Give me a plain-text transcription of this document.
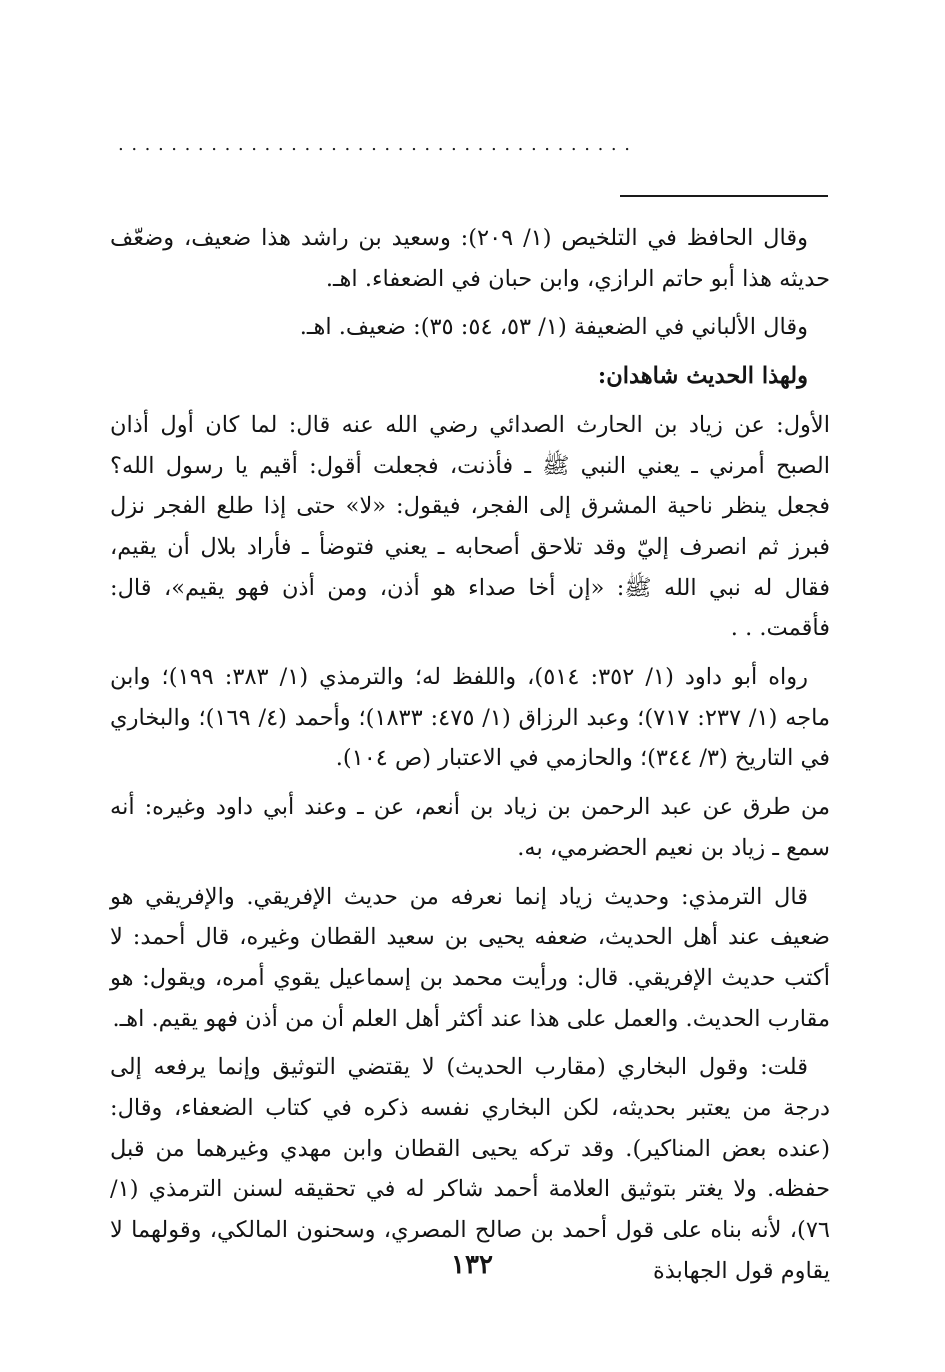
.......................................

وقال الحافظ في التلخيص (١/ ٢٠٩): وسعيد بن راشد هذا ضعيف، وضعّف حديثه هذا أبو حاتم الرازي، وابن حبان في الضعفاء. اهـ.

وقال الألباني في الضعيفة (١/ ٥٣، ٥٤: ٣٥): ضعيف. اهـ.

ولهذا الحديث شاهدان:

الأول: عن زياد بن الحارث الصدائي رضي الله عنه قال: لما كان أول أذان الصبح أمرني ـ يعني النبي ﷺ ـ فأذنت، فجعلت أقول: أقيم يا رسول الله؟ فجعل ينظر ناحية المشرق إلى الفجر، فيقول: «لا» حتى إذا طلع الفجر نزل فبرز ثم انصرف إليّ وقد تلاحق أصحابه ـ يعني فتوضأ ـ فأراد بلال أن يقيم، فقال له نبي الله ﷺ: «إن أخا صداء هو أذن، ومن أذن فهو يقيم»، قال: فأقمت. . .

رواه أبو داود (١/ ٣٥٢: ٥١٤)، واللفظ له؛ والترمذي (١/ ٣٨٣: ١٩٩)؛ وابن ماجه (١/ ٢٣٧: ٧١٧)؛ وعبد الرزاق (١/ ٤٧٥: ١٨٣٣)؛ وأحمد (٤/ ١٦٩)؛ والبخاري في التاريخ (٣/ ٣٤٤)؛ والحازمي في الاعتبار (ص ١٠٤).

من طرق عن عبد الرحمن بن زياد بن أنعم، عن ـ وعند أبي داود وغيره: أنه سمع ـ زياد بن نعيم الحضرمي، به.

قال الترمذي: وحديث زياد إنما نعرفه من حديث الإفريقي. والإفريقي هو ضعيف عند أهل الحديث، ضعفه يحيى بن سعيد القطان وغيره، قال أحمد: لا أكتب حديث الإفريقي. قال: ورأيت محمد بن إسماعيل يقوي أمره، ويقول: هو مقارب الحديث. والعمل على هذا عند أكثر أهل العلم أن من أذن فهو يقيم. اهـ.

قلت: وقول البخاري (مقارب الحديث) لا يقتضي التوثيق وإنما يرفعه إلى درجة من يعتبر بحديثه، لكن البخاري نفسه ذكره في كتاب الضعفاء، وقال: (عنده بعض المناكير). وقد تركه يحيى القطان وابن مهدي وغيرهما من قبل حفظه. ولا يغتر بتوثيق العلامة أحمد شاكر له في تحقيقه لسنن الترمذي (١/ ٧٦)، لأنه بناه على قول أحمد بن صالح المصري، وسحنون المالكي، وقولهما لا يقاوم قول الجهابذة

١٣٢
